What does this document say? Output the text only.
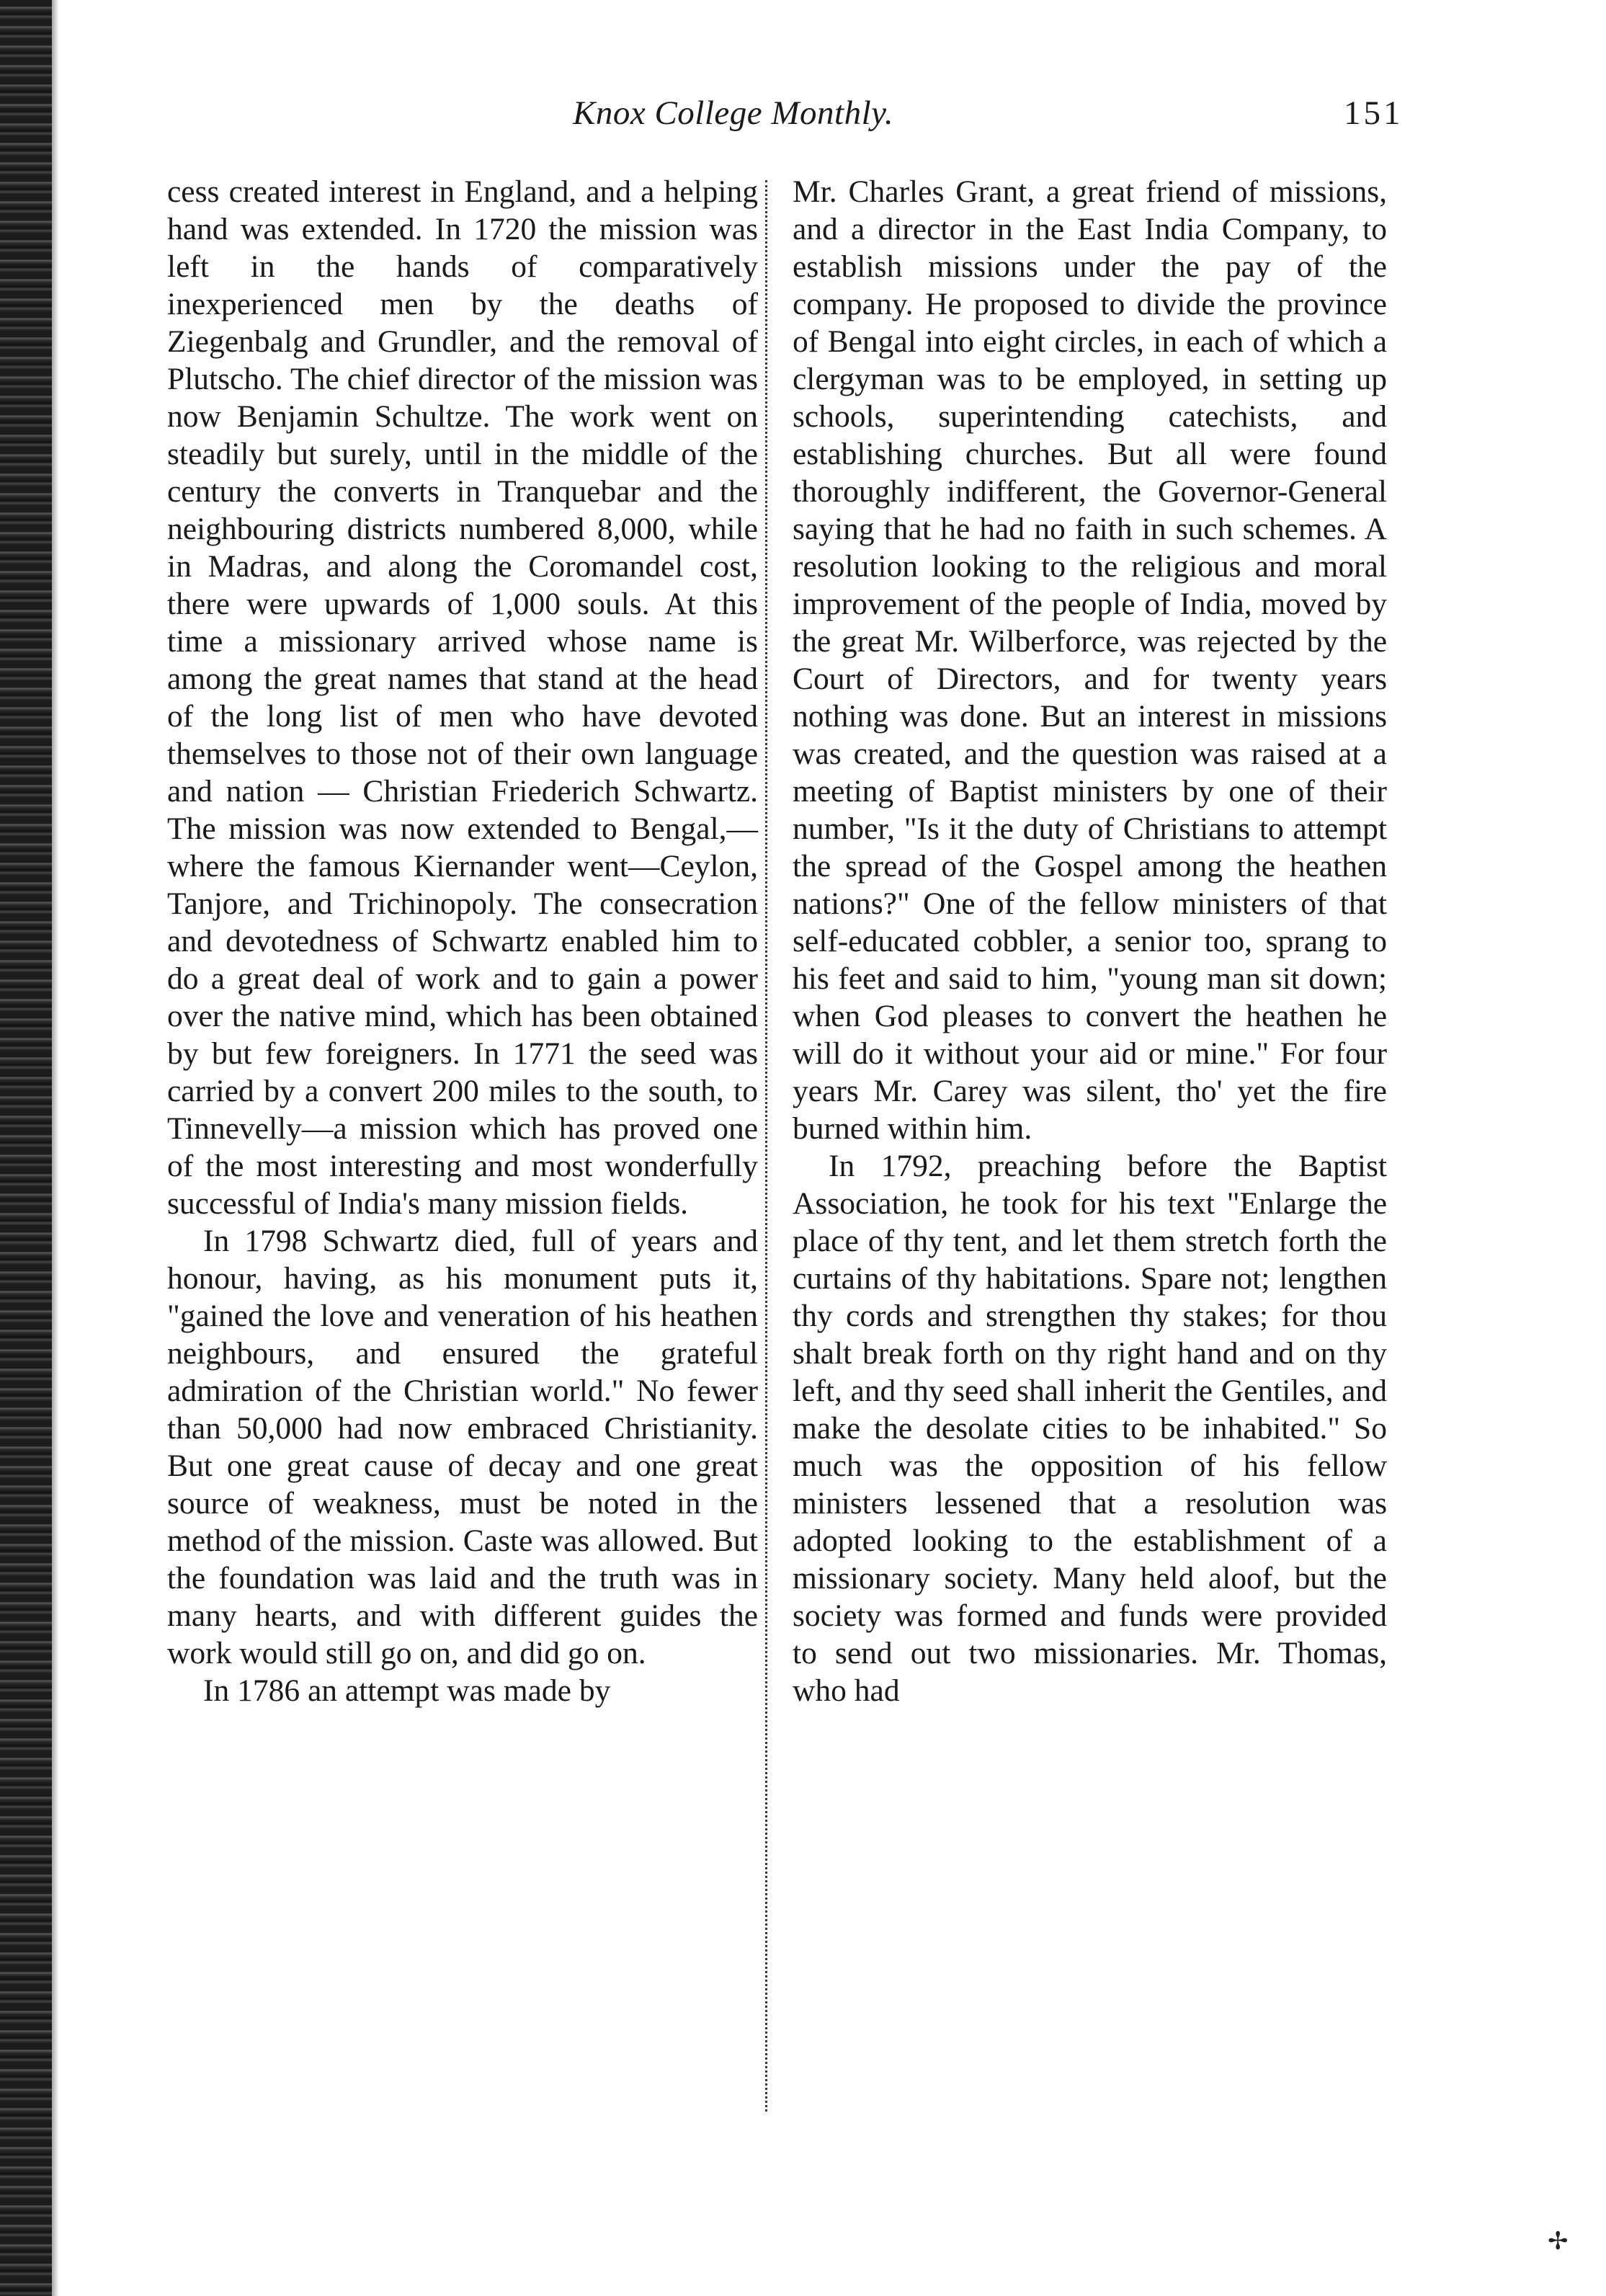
Knox College Monthly.	151

cess created interest in England, and a helping hand was extended. In 1720 the mission was left in the hands of comparatively inexperienced men by the deaths of Ziegenbalg and Grundler, and the removal of Plutscho. The chief director of the mission was now Benjamin Schultze. The work went on steadily but surely, until in the middle of the century the converts in Tranquebar and the neighbouring districts numbered 8,000, while in Madras, and along the Coromandel cost, there were upwards of 1,000 souls. At this time a missionary arrived whose name is among the great names that stand at the head of the long list of men who have devoted themselves to those not of their own language and nation — Christian Friederich Schwartz. The mission was now extended to Bengal,—where the famous Kiernander went—Ceylon, Tanjore, and Trichinopoly. The consecration and devotedness of Schwartz enabled him to do a great deal of work and to gain a power over the native mind, which has been obtained by but few foreigners. In 1771 the seed was carried by a convert 200 miles to the south, to Tinnevelly—a mission which has proved one of the most interesting and most wonderfully successful of India's many mission fields.

In 1798 Schwartz died, full of years and honour, having, as his monument puts it, "gained the love and veneration of his heathen neighbours, and ensured the grateful admiration of the Christian world." No fewer than 50,000 had now embraced Christianity. But one great cause of decay and one great source of weakness, must be noted in the method of the mission. Caste was allowed. But the foundation was laid and the truth was in many hearts, and with different guides the work would still go on, and did go on.

In 1786 an attempt was made by

Mr. Charles Grant, a great friend of missions, and a director in the East India Company, to establish missions under the pay of the company. He proposed to divide the province of Bengal into eight circles, in each of which a clergyman was to be employed, in setting up schools, superintending catechists, and establishing churches. But all were found thoroughly indifferent, the Governor-General saying that he had no faith in such schemes. A resolution looking to the religious and moral improvement of the people of India, moved by the great Mr. Wilberforce, was rejected by the Court of Directors, and for twenty years nothing was done. But an interest in missions was created, and the question was raised at a meeting of Baptist ministers by one of their number, "Is it the duty of Christians to attempt the spread of the Gospel among the heathen nations?" One of the fellow ministers of that self-educated cobbler, a senior too, sprang to his feet and said to him, "young man sit down; when God pleases to convert the heathen he will do it without your aid or mine." For four years Mr. Carey was silent, tho' yet the fire burned within him.

In 1792, preaching before the Baptist Association, he took for his text "Enlarge the place of thy tent, and let them stretch forth the curtains of thy habitations. Spare not; lengthen thy cords and strengthen thy stakes; for thou shalt break forth on thy right hand and on thy left, and thy seed shall inherit the Gentiles, and make the desolate cities to be inhabited." So much was the opposition of his fellow ministers lessened that a resolution was adopted looking to the establishment of a missionary society. Many held aloof, but the society was formed and funds were provided to send out two missionaries. Mr. Thomas, who had

✢
